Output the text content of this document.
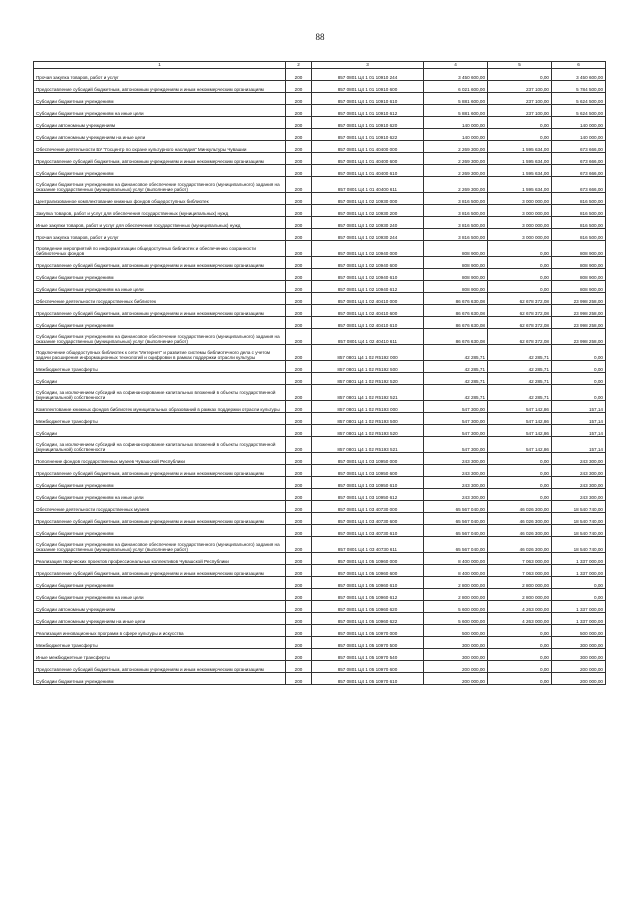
88
1	2	3	4	5	6
Прочая закупка товаров, работ и услуг	200	857 0801 Ц4 1 01 10910 244	3 450 600,00	0,00	3 450 600,00
Предоставление субсидий бюджетным, автономным учреждениям и иным некоммерческим организациям	200	857 0801 Ц4 1 01 10910 600	6 021 600,00	237 100,00	5 784 500,00
Субсидии бюджетным учреждениям	200	857 0801 Ц4 1 01 10910 610	5 881 600,00	237 100,00	5 624 500,00
Субсидии бюджетным учреждениям на иные цели	200	857 0801 Ц4 1 01 10910 612	5 881 600,00	237 100,00	5 624 500,00
Субсидии автономным учреждениям	200	857 0801 Ц4 1 01 10910 620	140 000,00	0,00	140 000,00
Субсидии автономным учреждениям на иные цели	200	857 0801 Ц4 1 01 10910 622	140 000,00	0,00	140 000,00
Обеспечение деятельности БУ "Госцентр по охране культурного наследия" Минкультуры Чувашии	200	857 0801 Ц4 1 01 40400 000	2 269 300,00	1 595 634,00	673 666,00
Предоставление субсидий бюджетным, автономным учреждениям и иным некоммерческим организациям	200	857 0801 Ц4 1 01 40400 600	2 269 300,00	1 595 634,00	673 666,00
Субсидии бюджетным учреждениям	200	857 0801 Ц4 1 01 40400 610	2 269 300,00	1 595 634,00	673 666,00
Субсидии бюджетным учреждениям на финансовое обеспечение государственного (муниципального) задания на оказание государственных (муниципальных) услуг (выполнение работ)	200	857 0801 Ц4 1 01 40400 611	2 269 300,00	1 595 634,00	673 666,00
Централизованное комплектование книжных фондов общедоступных библиотек	200	857 0801 Ц4 1 02 10930 000	3 816 500,00	3 000 000,00	816 500,00
Закупка товаров, работ и услуг для обеспечения государственных (муниципальных) нужд	200	857 0801 Ц4 1 02 10930 200	3 816 500,00	3 000 000,00	816 500,00
Иные закупки товаров, работ и услуг для обеспечения государственных (муниципальных) нужд	200	857 0801 Ц4 1 02 10930 240	3 816 500,00	3 000 000,00	816 500,00
Прочая закупка товаров, работ и услуг	200	857 0801 Ц4 1 02 10930 244	3 816 500,00	3 000 000,00	816 500,00
Проведение мероприятий по информатизации общедоступных библиотек и обеспечению сохранности библиотечных фондов	200	857 0801 Ц4 1 02 10940 000	808 900,00	0,00	808 900,00
Предоставление субсидий бюджетным, автономным учреждениям и иным некоммерческим организациям	200	857 0801 Ц4 1 02 10940 600	808 900,00	0,00	808 900,00
Субсидии бюджетным учреждениям	200	857 0801 Ц4 1 02 10940 610	808 900,00	0,00	808 900,00
Субсидии бюджетным учреждениям на иные цели	200	857 0801 Ц4 1 02 10940 612	808 900,00	0,00	808 900,00
Обеспечение деятельности государственных библиотек	200	857 0801 Ц4 1 02 40410 000	86 676 630,08	62 678 372,08	23 998 258,00
Предоставление субсидий бюджетным, автономным учреждениям и иным некоммерческим организациям	200	857 0801 Ц4 1 02 40410 600	86 676 630,08	62 678 372,08	23 998 258,00
Субсидии бюджетным учреждениям	200	857 0801 Ц4 1 02 40410 610	86 676 630,08	62 678 372,08	23 998 258,00
Субсидии бюджетным учреждениям на финансовое обеспечение государственного (муниципального) задания на оказание государственных (муниципальных) услуг (выполнение работ)	200	857 0801 Ц4 1 02 40410 611	86 676 630,08	62 678 372,08	23 998 258,00
Подключение общедоступных библиотек к сети "Интернет" и развитие системы библиотечного дела с учетом задачи расширения информационных технологий и оцифровки в рамках поддержки отрасли культуры	200	857 0801 Ц4 1 02 R5192 000	42 285,71	42 285,71	0,00
Межбюджетные трансферты	200	857 0801 Ц4 1 02 R5192 500	42 285,71	42 285,71	0,00
Субсидии	200	857 0801 Ц4 1 02 R5192 520	42 285,71	42 285,71	0,00
Субсидии, за исключением субсидий на софинансирование капитальных вложений в объекты государственной (муниципальной) собственности	200	857 0801 Ц4 1 02 R5192 521	42 285,71	42 285,71	0,00
Комплектование книжных фондов библиотек муниципальных образований в рамках поддержки отрасли культуры	200	857 0801 Ц4 1 02 R5193 000	547 300,00	547 142,86	157,14
Межбюджетные трансферты	200	857 0801 Ц4 1 02 R5193 500	547 300,00	547 142,86	157,14
Субсидии	200	857 0801 Ц4 1 02 R5193 520	547 300,00	547 142,86	157,14
Субсидии, за исключением субсидий на софинансирование капитальных вложений в объекты государственной (муниципальной) собственности	200	857 0801 Ц4 1 02 R5193 521	547 300,00	547 142,86	157,14
Пополнение фондов государственных музеев Чувашской Республики	200	857 0801 Ц4 1 03 10950 000	243 300,00	0,00	243 300,00
Предоставление субсидий бюджетным, автономным учреждениям и иным некоммерческим организациям	200	857 0801 Ц4 1 03 10950 600	243 300,00	0,00	243 300,00
Субсидии бюджетным учреждениям	200	857 0801 Ц4 1 03 10950 610	243 300,00	0,00	243 300,00
Субсидии бюджетным учреждениям на иные цели	200	857 0801 Ц4 1 03 10950 612	243 300,00	0,00	243 300,00
Обеспечение деятельности государственных музеев	200	857 0801 Ц4 1 03 40730 000	65 567 040,00	46 026 300,00	18 540 740,00
Предоставление субсидий бюджетным, автономным учреждениям и иным некоммерческим организациям	200	857 0801 Ц4 1 03 40730 600	65 567 040,00	46 026 300,00	18 540 740,00
Субсидии бюджетным учреждениям	200	857 0801 Ц4 1 03 40730 610	65 567 040,00	46 026 300,00	18 540 740,00
Субсидии бюджетным учреждениям на финансовое обеспечение государственного (муниципального) задания на оказание государственных (муниципальных) услуг (выполнение работ)	200	857 0801 Ц4 1 03 40730 611	65 567 040,00	46 026 300,00	18 540 740,00
Реализация творческих проектов профессиональных коллективов Чувашской Республики	200	857 0801 Ц4 1 05 10960 000	8 400 000,00	7 063 000,00	1 337 000,00
Предоставление субсидий бюджетным, автономным учреждениям и иным некоммерческим организациям	200	857 0801 Ц4 1 05 10960 600	8 400 000,00	7 063 000,00	1 337 000,00
Субсидии бюджетным учреждениям	200	857 0801 Ц4 1 05 10960 610	2 800 000,00	2 800 000,00	0,00
Субсидии бюджетным учреждениям на иные цели	200	857 0801 Ц4 1 05 10960 612	2 800 000,00	2 800 000,00	0,00
Субсидии автономным учреждениям	200	857 0801 Ц4 1 05 10960 620	5 600 000,00	4 263 000,00	1 337 000,00
Субсидии автономным учреждениям на иные цели	200	857 0801 Ц4 1 05 10960 622	5 600 000,00	4 263 000,00	1 337 000,00
Реализация инновационных программ в сфере культуры и искусства	200	857 0801 Ц4 1 05 10970 000	500 000,00	0,00	500 000,00
Межбюджетные трансферты	200	857 0801 Ц4 1 05 10970 500	300 000,00	0,00	300 000,00
Иные межбюджетные трансферты	200	857 0801 Ц4 1 05 10970 540	300 000,00	0,00	300 000,00
Предоставление субсидий бюджетным, автономным учреждениям и иным некоммерческим организациям	200	857 0801 Ц4 1 05 10970 600	200 000,00	0,00	200 000,00
Субсидии бюджетным учреждениям	200	857 0801 Ц4 1 05 10970 610	200 000,00	0,00	200 000,00
